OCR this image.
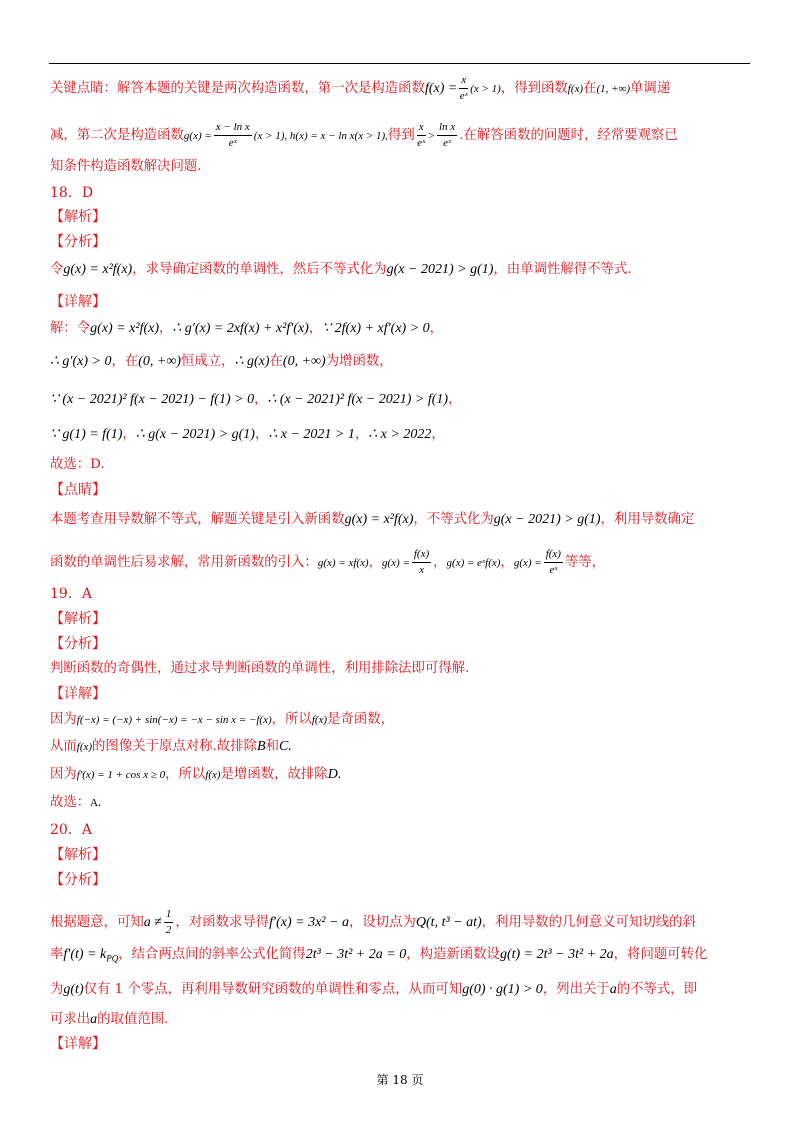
关键点睛：解答本题的关键是两次构造函数，第一次是构造函数$f(x) = \frac{x}{\text{eˣ}} (x > 1)$，得到函数f(x)在(1, +∞)单调递
减，第二次是构造函数$g(x) = \frac{\text{x − ln x}}{\text{eˣ}} (x > 1)$, h(x) = x − ln x(x > 1),得到 $\frac{x}{\text{eˣ}} > \frac{\text{ln x}}{\text{eˣ}}$ .在解答函数的问题时，经常要观察已
知条件构造函数解决问题.
18．D
【解析】
【分析】
令g(x) = x²f(x)，求导确定函数的单调性，然后不等式化为g(x − 2021) > g(1)，由单调性解得不等式.
【详解】
解：令g(x) = x²f(x)，∴ g′(x) = 2xf(x) + x²f′(x)，∵ 2f(x) + xf′(x) > 0，
∴ g′(x) > 0，在(0, +∞)恒成立，∴ g(x)在(0, +∞)为增函数，
∵ (x − 2021)² f(x − 2021) − f(1) > 0，∴ (x − 2021)² f(x − 2021) > f(1)，
∵ g(1) = f(1)，∴ g(x − 2021) > g(1)，∴ x − 2021 > 1，∴ x > 2022，
故选：D.
【点睛】
本题考查用导数解不等式，解题关键是引入新函数g(x) = x²f(x)，不等式化为g(x − 2021) > g(1)，利用导数确定
函数的单调性后易求解，常用新函数的引入：g(x) = xf(x)，$g(x) = \frac{f(x)}{x}$ ，g(x) = eˣf(x)，$g(x) = \frac{f(x)}{\text{eˣ}}$ 等等，
19．A
【解析】
【分析】
判断函数的奇偶性，通过求导判断函数的单调性，利用排除法即可得解.
【详解】
因为f(−x) = (−x) + sin(−x) = −x − sin x = −f(x)，所以f(x)是奇函数，
从而f(x)的图像关于原点对称.故排除B和C.
因为f′(x) = 1 + cos x ≥ 0，所以f(x)是增函数，故排除D.
故选：A.
20．A
【解析】
【分析】
根据题意，可知$a \ne \frac{1}{2}$ ，对函数求导得f′(x) = 3x² − a，设切点为Q(t, t³ − at)，利用导数的几何意义可知切线的斜
率$f'(t) = k_{PQ}$，结合两点间的斜率公式化简得2t³ − 3t² + 2a = 0，构造新函数设g(t) = 2t³ − 3t² + 2a，将问题可转化
为g(t)仅有 1 个零点，再利用导数研究函数的单调性和零点，从而可知g(0) · g(1) > 0，列出关于a的不等式，即
可求出a的取值范围.
【详解】
第 18 页
